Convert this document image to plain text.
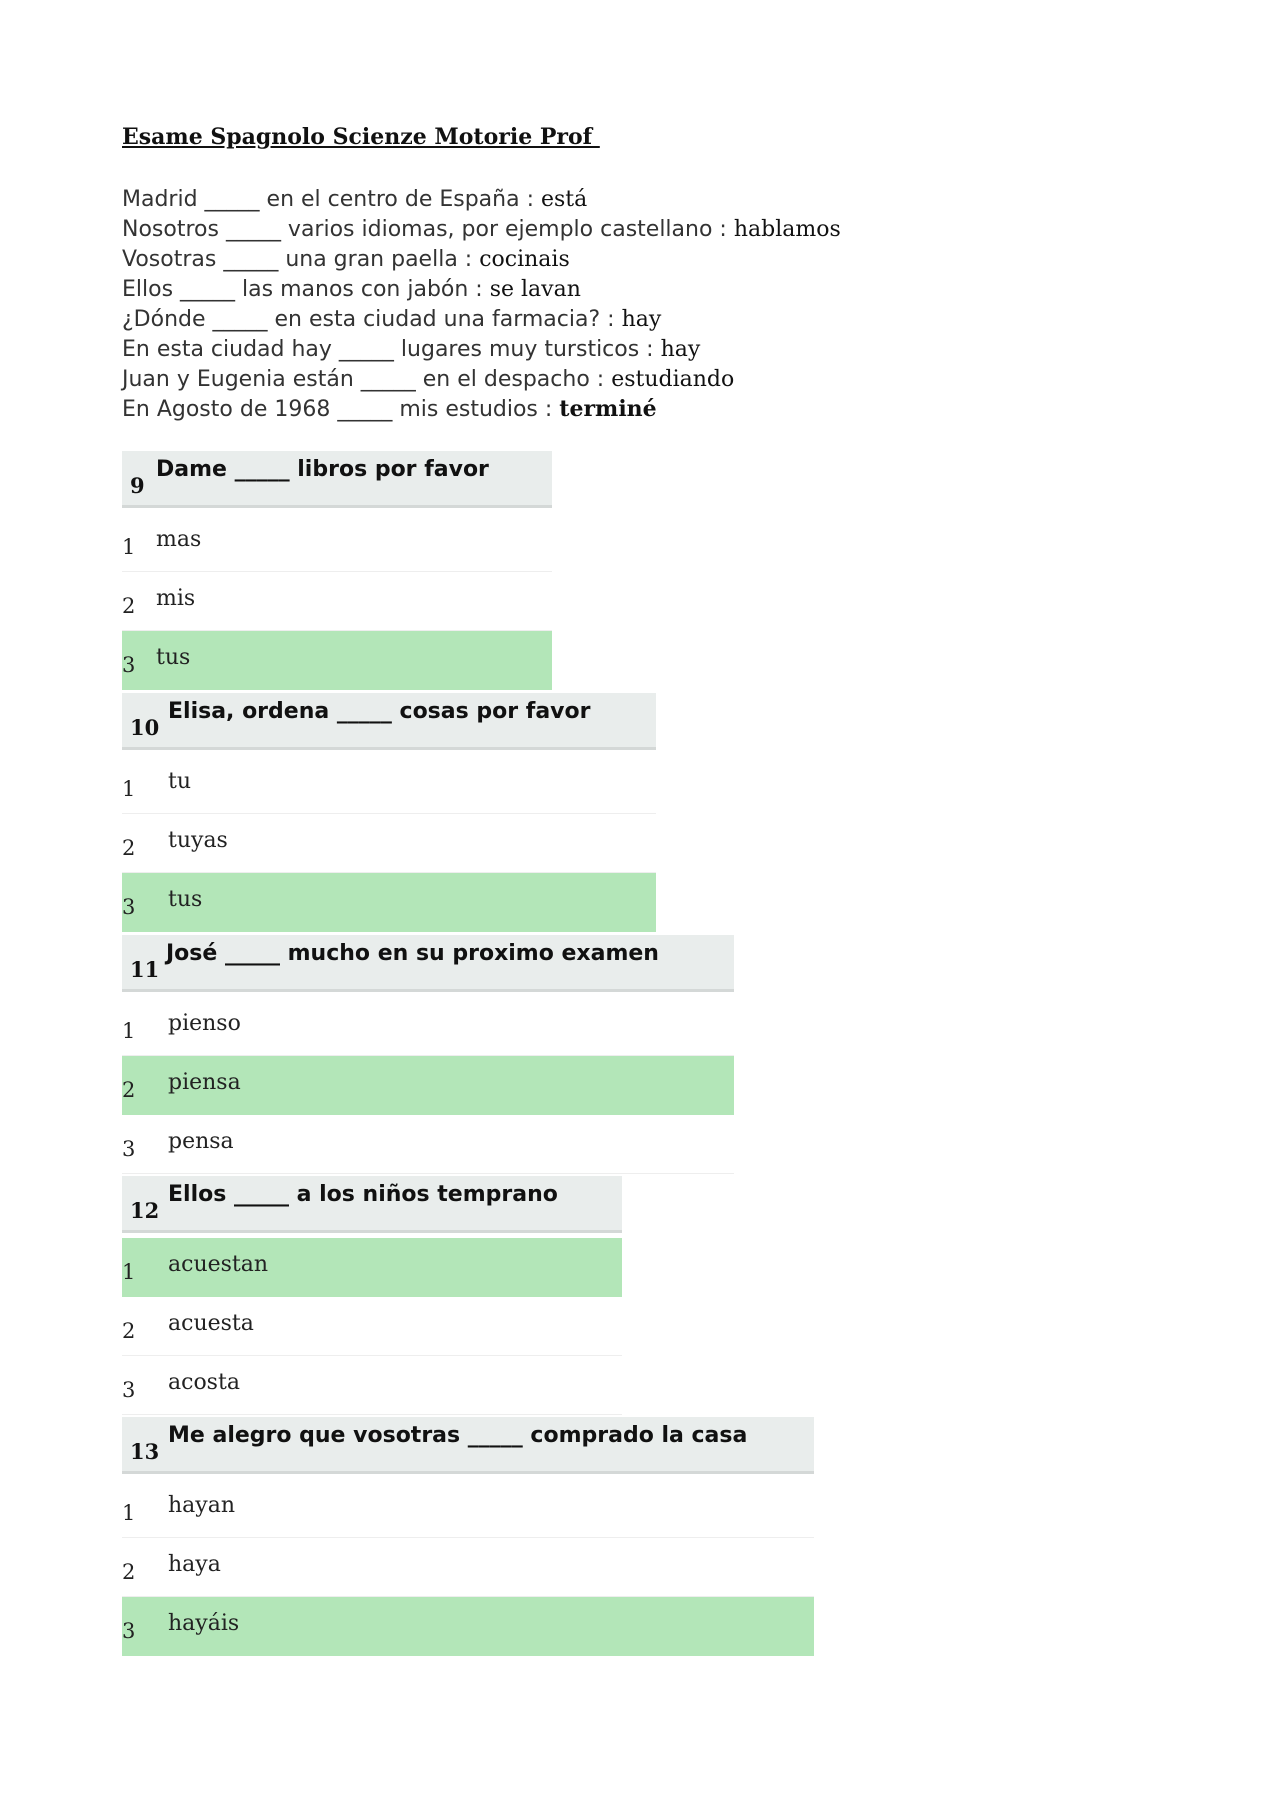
Esame Spagnolo Scienze Motorie Prof
Madrid _____ en el centro de España : está
Nosotros _____ varios idiomas, por ejemplo castellano : hablamos
Vosotras _____ una gran paella : cocinais
Ellos _____ las manos con jabón : se lavan
¿Dónde _____ en esta ciudad una farmacia? : hay
En esta ciudad hay _____ lugares muy tursticos : hay
Juan y Eugenia están _____ en el despacho : estudiando
En Agosto de 1968 _____ mis estudios : terminé
9
Dame _____ libros por favor
1 mas
2 mis
3 tus
10
Elisa, ordena _____ cosas por favor
1 tu
2 tuyas
3 tus
11
José _____ mucho en su proximo examen
1 pienso
2 piensa
3 pensa
12
Ellos _____ a los niños temprano
1 acuestan
2 acuesta
3 acosta
13
Me alegro que vosotras _____ comprado la casa
1 hayan
2 haya
3 hayáis
